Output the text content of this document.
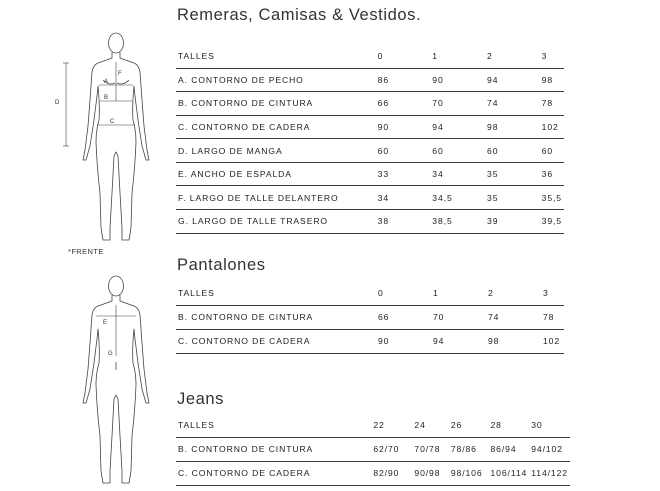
A
B
C
F
D
*FRENTE
E
G
Remeras, Camisas & Vestidos.
TALLES	0	1	2	3
A. CONTORNO DE PECHO	86	90	94	98
B. CONTORNO DE CINTURA	66	70	74	78
C. CONTORNO DE CADERA	90	94	98	102
D. LARGO DE MANGA	60	60	60	60
E. ANCHO DE ESPALDA	33	34	35	36
F. LARGO DE TALLE DELANTERO	34	34,5	35	35,5
G. LARGO DE TALLE TRASERO	38	38,5	39	39,5
Pantalones
TALLES	0	1	2	3
B. CONTORNO DE CINTURA	66	70	74	78
C. CONTORNO DE CADERA	90	94	98	102
Jeans
TALLES	22	24	26	28	30
B. CONTORNO DE CINTURA	62/70	70/78	78/86	86/94	94/102
C. CONTORNO DE CADERA	82/90	90/98	98/106	106/114	114/122
